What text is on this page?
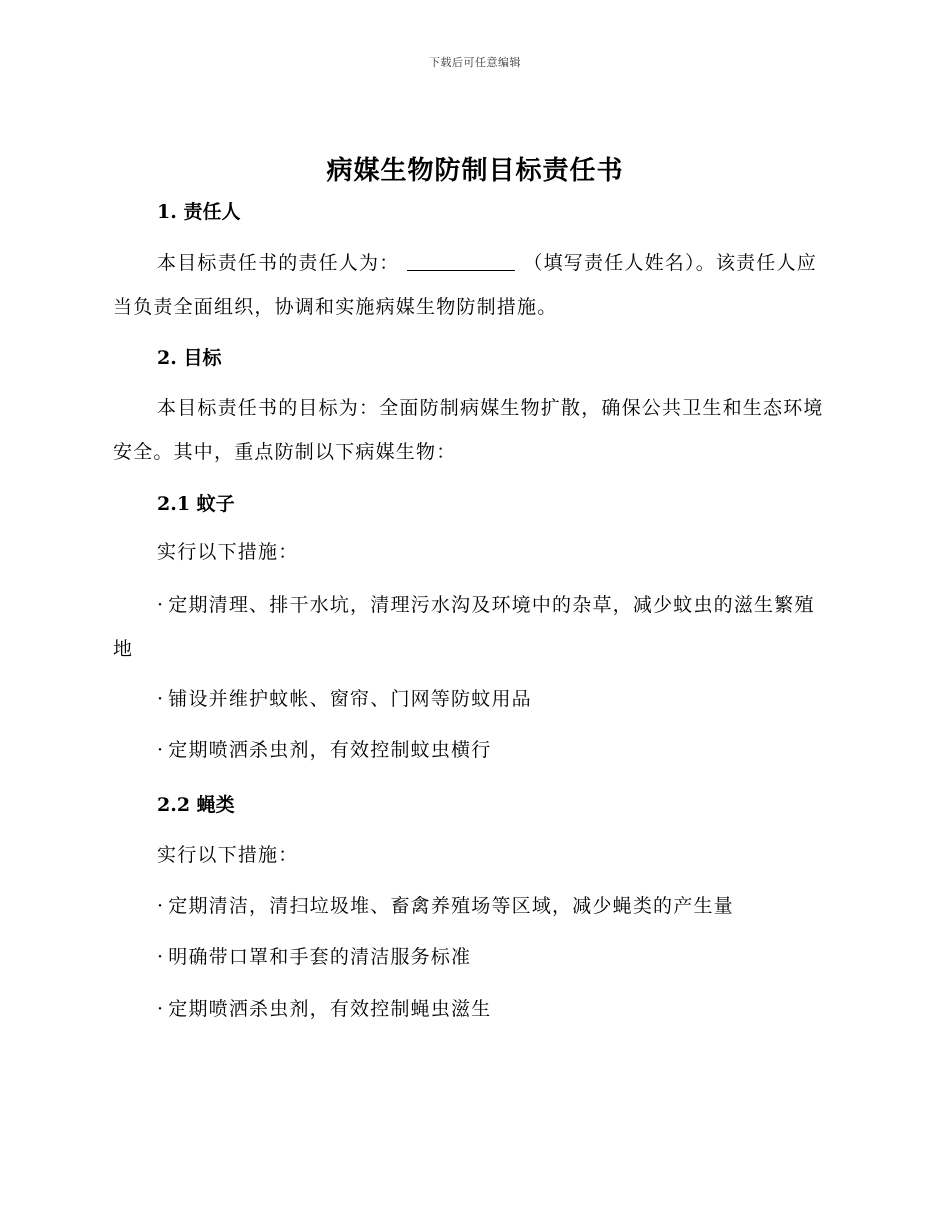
下载后可任意编辑
病媒生物防制目标责任书
1. 责任人
本目标责任书的责任人为：	（填写责任人姓名）。该责任人应当负责全面组织，协调和实施病媒生物防制措施。
2. 目标
本目标责任书的目标为：全面防制病媒生物扩散，确保公共卫生和生态环境安全。其中，重点防制以下病媒生物：
2.1 蚊子
实行以下措施：
· 定期清理、排干水坑，清理污水沟及环境中的杂草，减少蚊虫的滋生繁殖地
· 铺设并维护蚊帐、窗帘、门网等防蚊用品
· 定期喷洒杀虫剂，有效控制蚊虫横行
2.2 蝇类
实行以下措施：
· 定期清洁，清扫垃圾堆、畜禽养殖场等区域，减少蝇类的产生量
· 明确带口罩和手套的清洁服务标准
· 定期喷洒杀虫剂，有效控制蝇虫滋生
